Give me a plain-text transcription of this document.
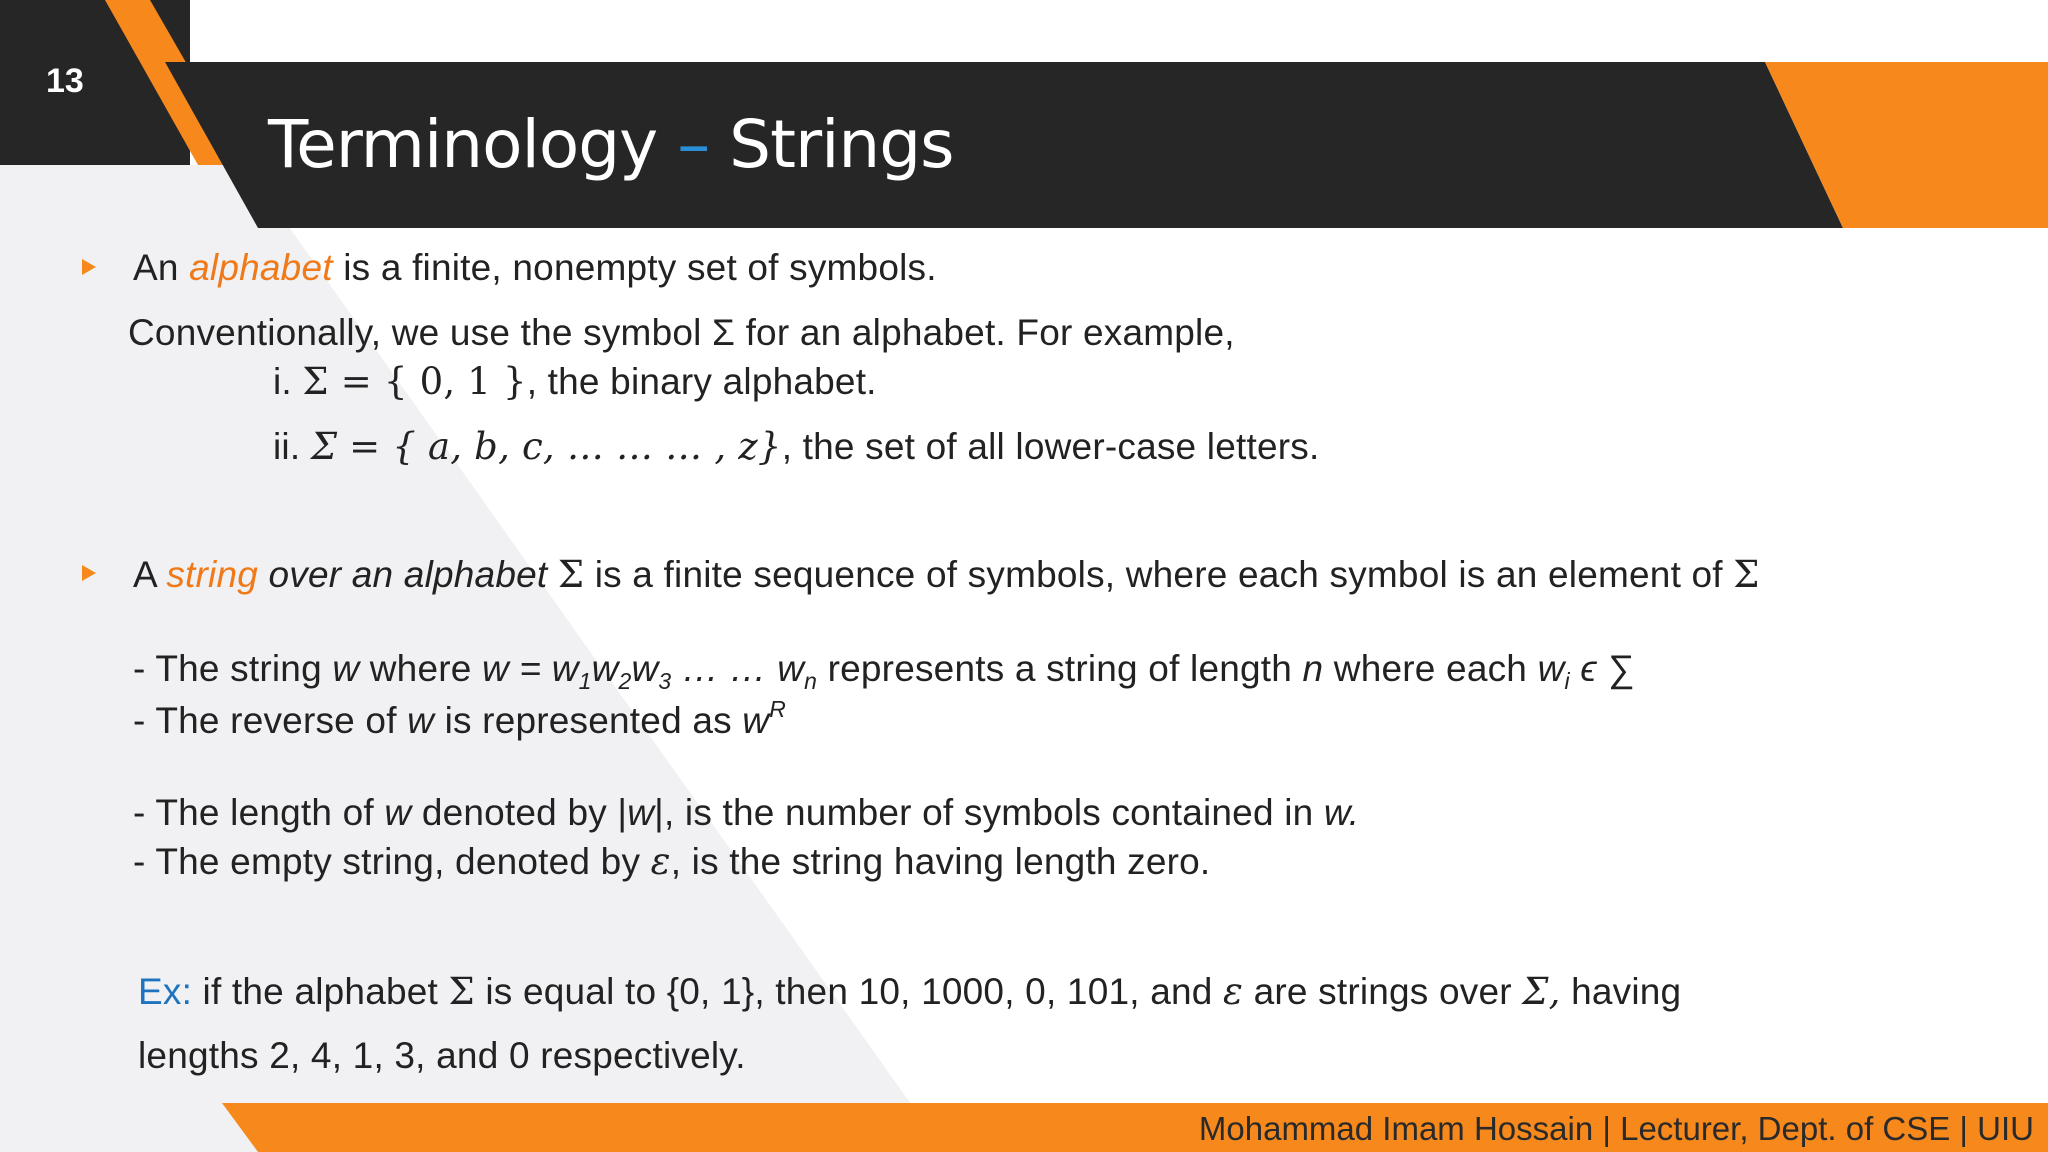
13
Terminology – Strings
An alphabet is a finite, nonempty set of symbols.
Conventionally, we use the symbol Σ for an alphabet. For example,
i. Σ = { 0, 1 }, the binary alphabet.
ii. Σ = { a, b, c, … … … , z}, the set of all lower-case letters.
A string over an alphabet Σ is a finite sequence of symbols, where each symbol is an element of Σ
- The string w where $w = w_1w_2w_3$ … … $w_n$ represents a string of length n where each $w_i$ ϵ ∑
- The reverse of w is represented as $w^R$
- The length of w denoted by |w|, is the number of symbols contained in w.
- The empty string, denoted by ε, is the string having length zero.
Ex: if the alphabet Σ is equal to {0, 1}, then 10, 1000, 0, 101, and ε are strings over Σ, having
lengths 2, 4, 1, 3, and 0 respectively.
Mohammad Imam Hossain | Lecturer, Dept. of CSE | UIU
